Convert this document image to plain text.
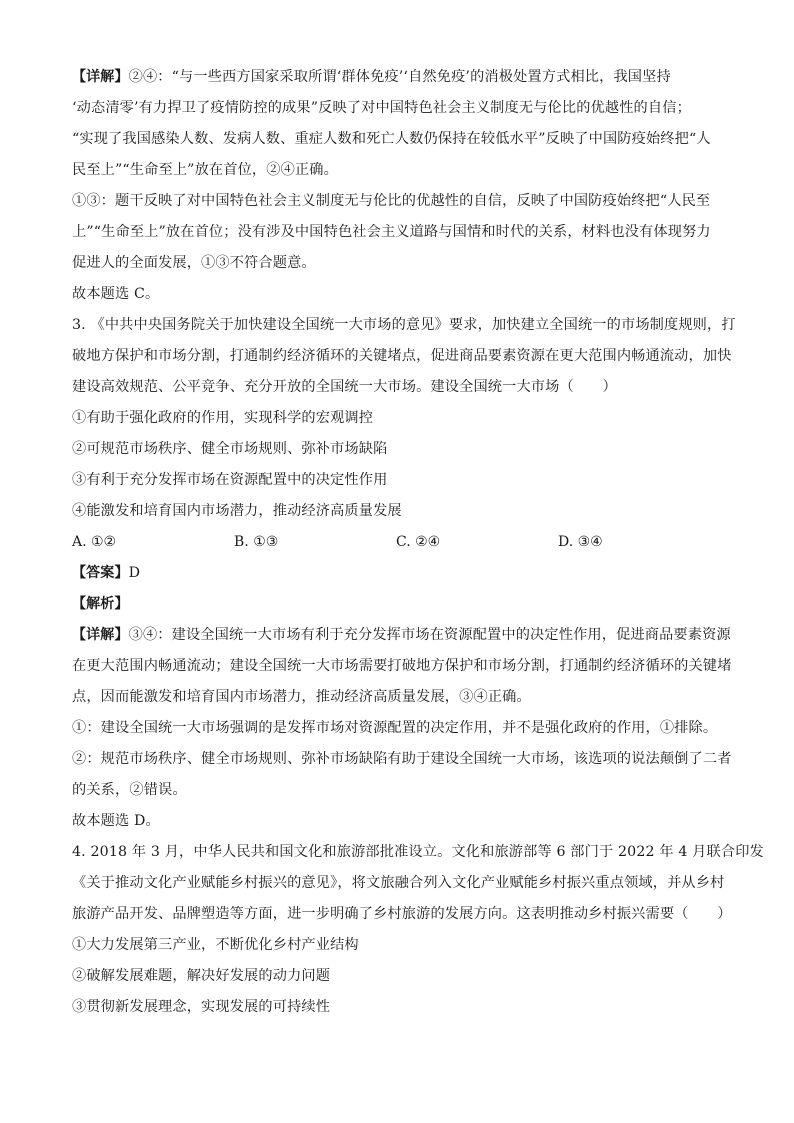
【详解】②④：“与一些西方国家采取所谓‘群体免疫’‘自然免疫’的消极处置方式相比，我国坚持
‘动态清零’有力捍卫了疫情防控的成果”反映了对中国特色社会主义制度无与伦比的优越性的自信；
“实现了我国感染人数、发病人数、重症人数和死亡人数仍保持在较低水平”反映了中国防疫始终把“人
民至上”“生命至上”放在首位，②④正确。
①③：题干反映了对中国特色社会主义制度无与伦比的优越性的自信，反映了中国防疫始终把“人民至
上”“生命至上”放在首位；没有涉及中国特色社会主义道路与国情和时代的关系，材料也没有体现努力
促进人的全面发展，①③不符合题意。
故本题选 C。
3. 《中共中央国务院关于加快建设全国统一大市场的意见》要求，加快建立全国统一的市场制度规则，打
破地方保护和市场分割，打通制约经济循环的关键堵点，促进商品要素资源在更大范围内畅通流动，加快
建设高效规范、公平竞争、充分开放的全国统一大市场。建设全国统一大市场（　　）
①有助于强化政府的作用，实现科学的宏观调控
②可规范市场秩序、健全市场规则、弥补市场缺陷
③有利于充分发挥市场在资源配置中的决定性作用
④能激发和培育国内市场潜力，推动经济高质量发展
A. ①②	B. ①③	C. ②④	D. ③④
【答案】D
【解析】
【详解】③④：建设全国统一大市场有利于充分发挥市场在资源配置中的决定性作用，促进商品要素资源
在更大范围内畅通流动；建设全国统一大市场需要打破地方保护和市场分割，打通制约经济循环的关键堵
点，因而能激发和培育国内市场潜力，推动经济高质量发展，③④正确。
①：建设全国统一大市场强调的是发挥市场对资源配置的决定作用，并不是强化政府的作用，①排除。
②：规范市场秩序、健全市场规则、弥补市场缺陷有助于建设全国统一大市场，该选项的说法颠倒了二者
的关系，②错误。
故本题选 D。
4. 2018 年 3 月，中华人民共和国文化和旅游部批准设立。文化和旅游部等 6 部门于 2022 年 4 月联合印发
《关于推动文化产业赋能乡村振兴的意见》，将文旅融合列入文化产业赋能乡村振兴重点领域，并从乡村
旅游产品开发、品牌塑造等方面，进一步明确了乡村旅游的发展方向。这表明推动乡村振兴需要（　　）
①大力发展第三产业，不断优化乡村产业结构
②破解发展难题，解决好发展的动力问题
③贯彻新发展理念，实现发展的可持续性
